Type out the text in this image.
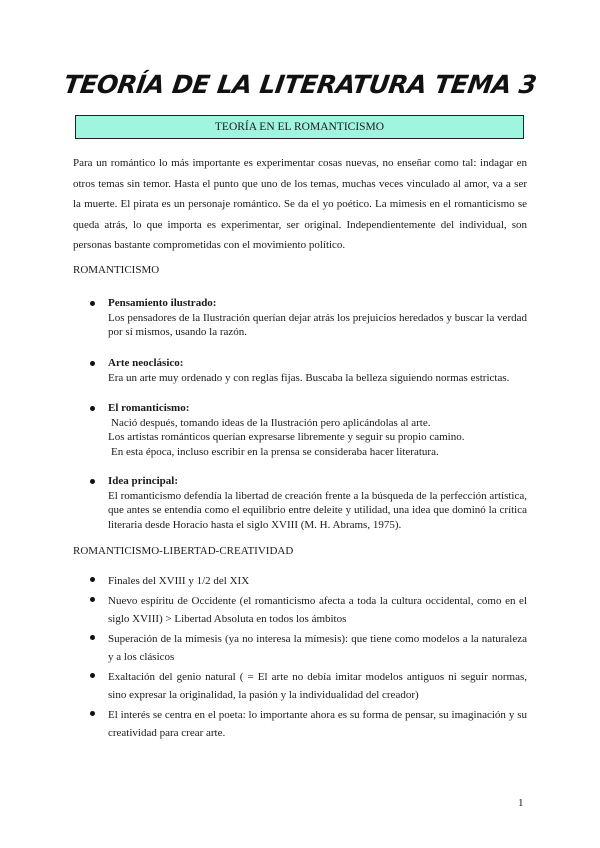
TEORÍA DE LA LITERATURA TEMA 3
TEORÍA EN EL ROMANTICISMO

Para un romántico lo más importante es experimentar cosas nuevas, no enseñar como tal: indagar en otros temas sin temor. Hasta el punto que uno de los temas, muchas veces vinculado al amor, va a ser la muerte. El pirata es un personaje romántico. Se da el yo poético. La mimesis en el romanticismo se queda atrás, lo que importa es experimentar, ser original. Independientemente del individual, son personas bastante comprometidas con el movimiento político.

ROMANTICISMO

Pensamiento ilustrado:
Los pensadores de la Ilustración querían dejar atrás los prejuicios heredados y buscar la verdad por sí mismos, usando la razón.
Arte neoclásico:
Era un arte muy ordenado y con reglas fijas. Buscaba la belleza siguiendo normas estrictas.
El romanticismo:
Nació después, tomando ideas de la Ilustración pero aplicándolas al arte.
Los artistas románticos querían expresarse libremente y seguir su propio camino.
En esta época, incluso escribir en la prensa se consideraba hacer literatura.
Idea principal:
El romanticismo defendía la libertad de creación frente a la búsqueda de la perfección artística, que antes se entendía como el equilibrio entre deleite y utilidad, una idea que dominó la crítica literaria desde Horacio hasta el siglo XVIII (M. H. Abrams, 1975).

ROMANTICISMO-LIBERTAD-CREATIVIDAD

Finales del XVIII y 1/2 del XIX
Nuevo espíritu de Occidente (el romanticismo afecta a toda la cultura occidental, como en el siglo XVIII) > Libertad Absoluta en todos los ámbitos
Superación de la mímesis (ya no interesa la mímesis): que tiene como modelos a la naturaleza y a los clásicos
Exaltación del genio natural ( = El arte no debía imitar modelos antiguos ni seguir normas, sino expresar la originalidad, la pasión y la individualidad del creador)
El interés se centra en el poeta: lo importante ahora es su forma de pensar, su imaginación y su creatividad para crear arte.
1
